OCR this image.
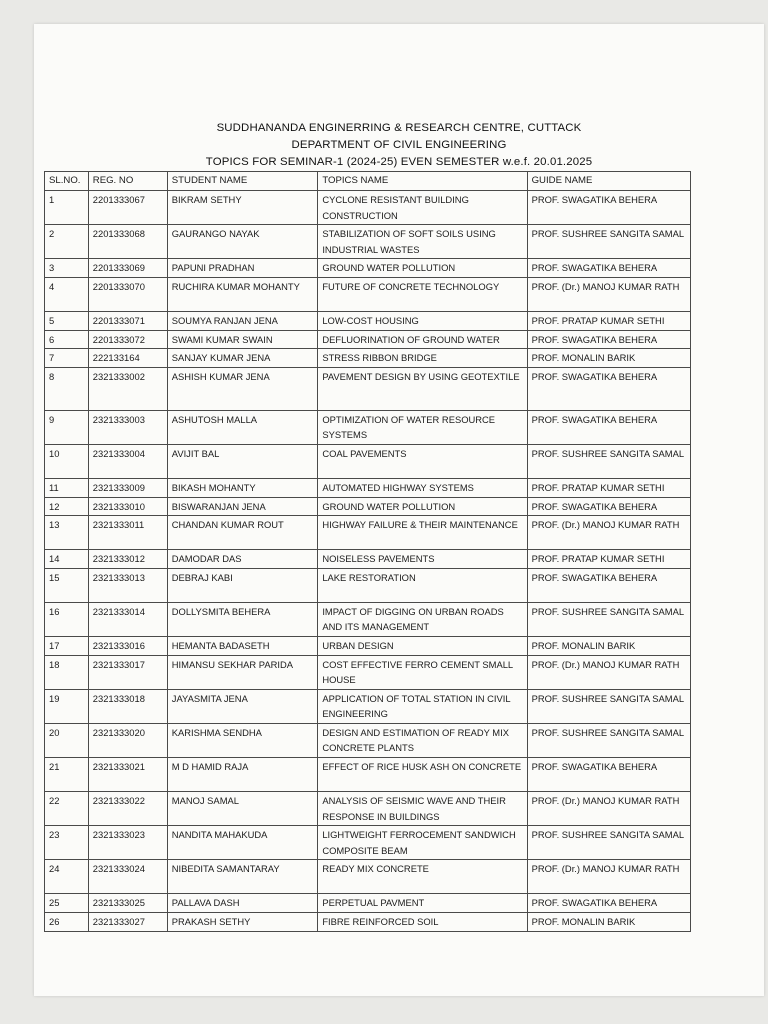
SUDDHANANDA ENGINERRING & RESEARCH CENTRE, CUTTACK
DEPARTMENT OF CIVIL ENGINEERING
TOPICS FOR SEMINAR-1 (2024-25) EVEN SEMESTER w.e.f. 20.01.2025
SL.NO.	REG. NO	STUDENT NAME	TOPICS NAME	GUIDE NAME
1	2201333067	BIKRAM SETHY	CYCLONE RESISTANT BUILDING CONSTRUCTION	PROF. SWAGATIKA BEHERA
2	2201333068	GAURANGO NAYAK	STABILIZATION OF SOFT SOILS USING INDUSTRIAL WASTES	PROF. SUSHREE SANGITA SAMAL
3	2201333069	PAPUNI PRADHAN	GROUND WATER POLLUTION	PROF. SWAGATIKA BEHERA
4	2201333070	RUCHIRA KUMAR MOHANTY	FUTURE OF CONCRETE TECHNOLOGY	PROF. (Dr.) MANOJ KUMAR RATH
5	2201333071	SOUMYA RANJAN JENA	LOW-COST HOUSING	PROF. PRATAP KUMAR SETHI
6	2201333072	SWAMI KUMAR SWAIN	DEFLUORINATION OF GROUND WATER	PROF. SWAGATIKA BEHERA
7	222133164	SANJAY KUMAR JENA	STRESS RIBBON BRIDGE	PROF. MONALIN BARIK
8	2321333002	ASHISH KUMAR JENA	PAVEMENT DESIGN BY USING GEOTEXTILE	PROF. SWAGATIKA BEHERA
9	2321333003	ASHUTOSH MALLA	OPTIMIZATION OF WATER RESOURCE SYSTEMS	PROF. SWAGATIKA BEHERA
10	2321333004	AVIJIT BAL	COAL PAVEMENTS	PROF. SUSHREE SANGITA SAMAL
11	2321333009	BIKASH MOHANTY	AUTOMATED HIGHWAY SYSTEMS	PROF. PRATAP KUMAR SETHI
12	2321333010	BISWARANJAN JENA	GROUND WATER POLLUTION	PROF. SWAGATIKA BEHERA
13	2321333011	CHANDAN KUMAR ROUT	HIGHWAY FAILURE & THEIR MAINTENANCE	PROF. (Dr.) MANOJ KUMAR RATH
14	2321333012	DAMODAR DAS	NOISELESS PAVEMENTS	PROF. PRATAP KUMAR SETHI
15	2321333013	DEBRAJ KABI	LAKE RESTORATION	PROF. SWAGATIKA BEHERA
16	2321333014	DOLLYSMITA BEHERA	IMPACT OF DIGGING ON URBAN ROADS AND ITS MANAGEMENT	PROF. SUSHREE SANGITA SAMAL
17	2321333016	HEMANTA BADASETH	URBAN DESIGN	PROF. MONALIN BARIK
18	2321333017	HIMANSU SEKHAR PARIDA	COST EFFECTIVE FERRO CEMENT SMALL HOUSE	PROF. (Dr.) MANOJ KUMAR RATH
19	2321333018	JAYASMITA JENA	APPLICATION OF TOTAL STATION IN CIVIL ENGINEERING	PROF. SUSHREE SANGITA SAMAL
20	2321333020	KARISHMA SENDHA	DESIGN AND ESTIMATION OF READY MIX CONCRETE PLANTS	PROF. SUSHREE SANGITA SAMAL
21	2321333021	M D HAMID RAJA	EFFECT OF RICE HUSK ASH ON CONCRETE	PROF. SWAGATIKA BEHERA
22	2321333022	MANOJ SAMAL	ANALYSIS OF SEISMIC WAVE AND THEIR RESPONSE IN BUILDINGS	PROF. (Dr.) MANOJ KUMAR RATH
23	2321333023	NANDITA MAHAKUDA	LIGHTWEIGHT FERROCEMENT SANDWICH COMPOSITE BEAM	PROF. SUSHREE SANGITA SAMAL
24	2321333024	NIBEDITA SAMANTARAY	READY MIX CONCRETE	PROF. (Dr.) MANOJ KUMAR RATH
25	2321333025	PALLAVA DASH	PERPETUAL PAVMENT	PROF. SWAGATIKA BEHERA
26	2321333027	PRAKASH SETHY	FIBRE REINFORCED SOIL	PROF. MONALIN BARIK
